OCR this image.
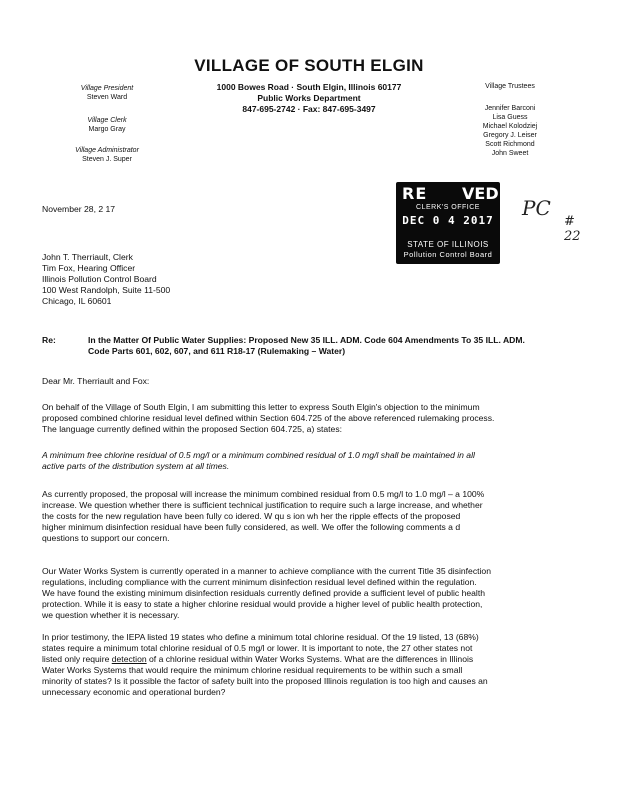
VILLAGE OF SOUTH ELGIN
1000 Bowes Road · South Elgin, Illinois 60177
Public Works Department
847-695-2742 · Fax: 847-695-3497
Village President
Steven Ward
Village Clerk
Margo Gray
Village Administrator
Steven J. Super
Village Trustees
Jennifer Barconi
Lisa Guess
Michael Kolodziej
Gregory J. Leiser
Scott Richmond
John Sweet
RE VED
CLERK'S OFFICE
DEC 0 4 2017
STATE OF ILLINOIS
Pollution Control Board
PC
# 22
November 28, 2 17
John T. Therriault, Clerk
Tim Fox, Hearing Officer
Illinois Pollution Control Board
100 West Randolph, Suite 11-500
Chicago, IL 60601
Re:	In the Matter Of Public Water Supplies: Proposed New 35 ILL. ADM. Code 604 Amendments To 35 ILL. ADM.
Code Parts 601, 602, 607, and 611 R18-17 (Rulemaking – Water)
Dear Mr. Therriault and Fox:
On behalf of the Village of South Elgin, I am submitting this letter to express South Elgin's objection to the minimum
proposed combined chlorine residual level defined within Section 604.725 of the above referenced rulemaking process.
The language currently defined within the proposed Section 604.725, a) states:
A minimum free chlorine residual of 0.5 mg/l or a minimum combined residual of 1.0 mg/l shall be maintained in all
active parts of the distribution system at all times.
As currently proposed, the proposal will increase the minimum combined residual from 0.5 mg/l to 1.0 mg/l – a 100%
increase. We question whether there is sufficient technical justification to require such a large increase, and whether
the costs for the new regulation have been fully co idered. W qu s ion wh her the ripple effects of the proposed
higher minimum disinfection residual have been fully considered, as well. We offer the following comments a d
questions to support our concern.
Our Water Works System is currently operated in a manner to achieve compliance with the current Title 35 disinfection
regulations, including compliance with the current minimum disinfection residual level defined within the regulation.
We have found the existing minimum disinfection residuals currently defined provide a sufficient level of public health
protection. While it is easy to state a higher chlorine residual would provide a higher level of public health protection,
we question whether it is necessary.
In prior testimony, the IEPA listed 19 states who define a minimum total chlorine residual. Of the 19 listed, 13 (68%)
states require a minimum total chlorine residual of 0.5 mg/l or lower. It is important to note, the 27 other states not
listed only require detection of a chlorine residual within Water Works Systems. What are the differences in Illinois
Water Works Systems that would require the minimum chlorine residual requirements to be within such a small
minority of states? Is it possible the factor of safety built into the proposed Illinois regulation is too high and causes an
unnecessary economic and operational burden?
